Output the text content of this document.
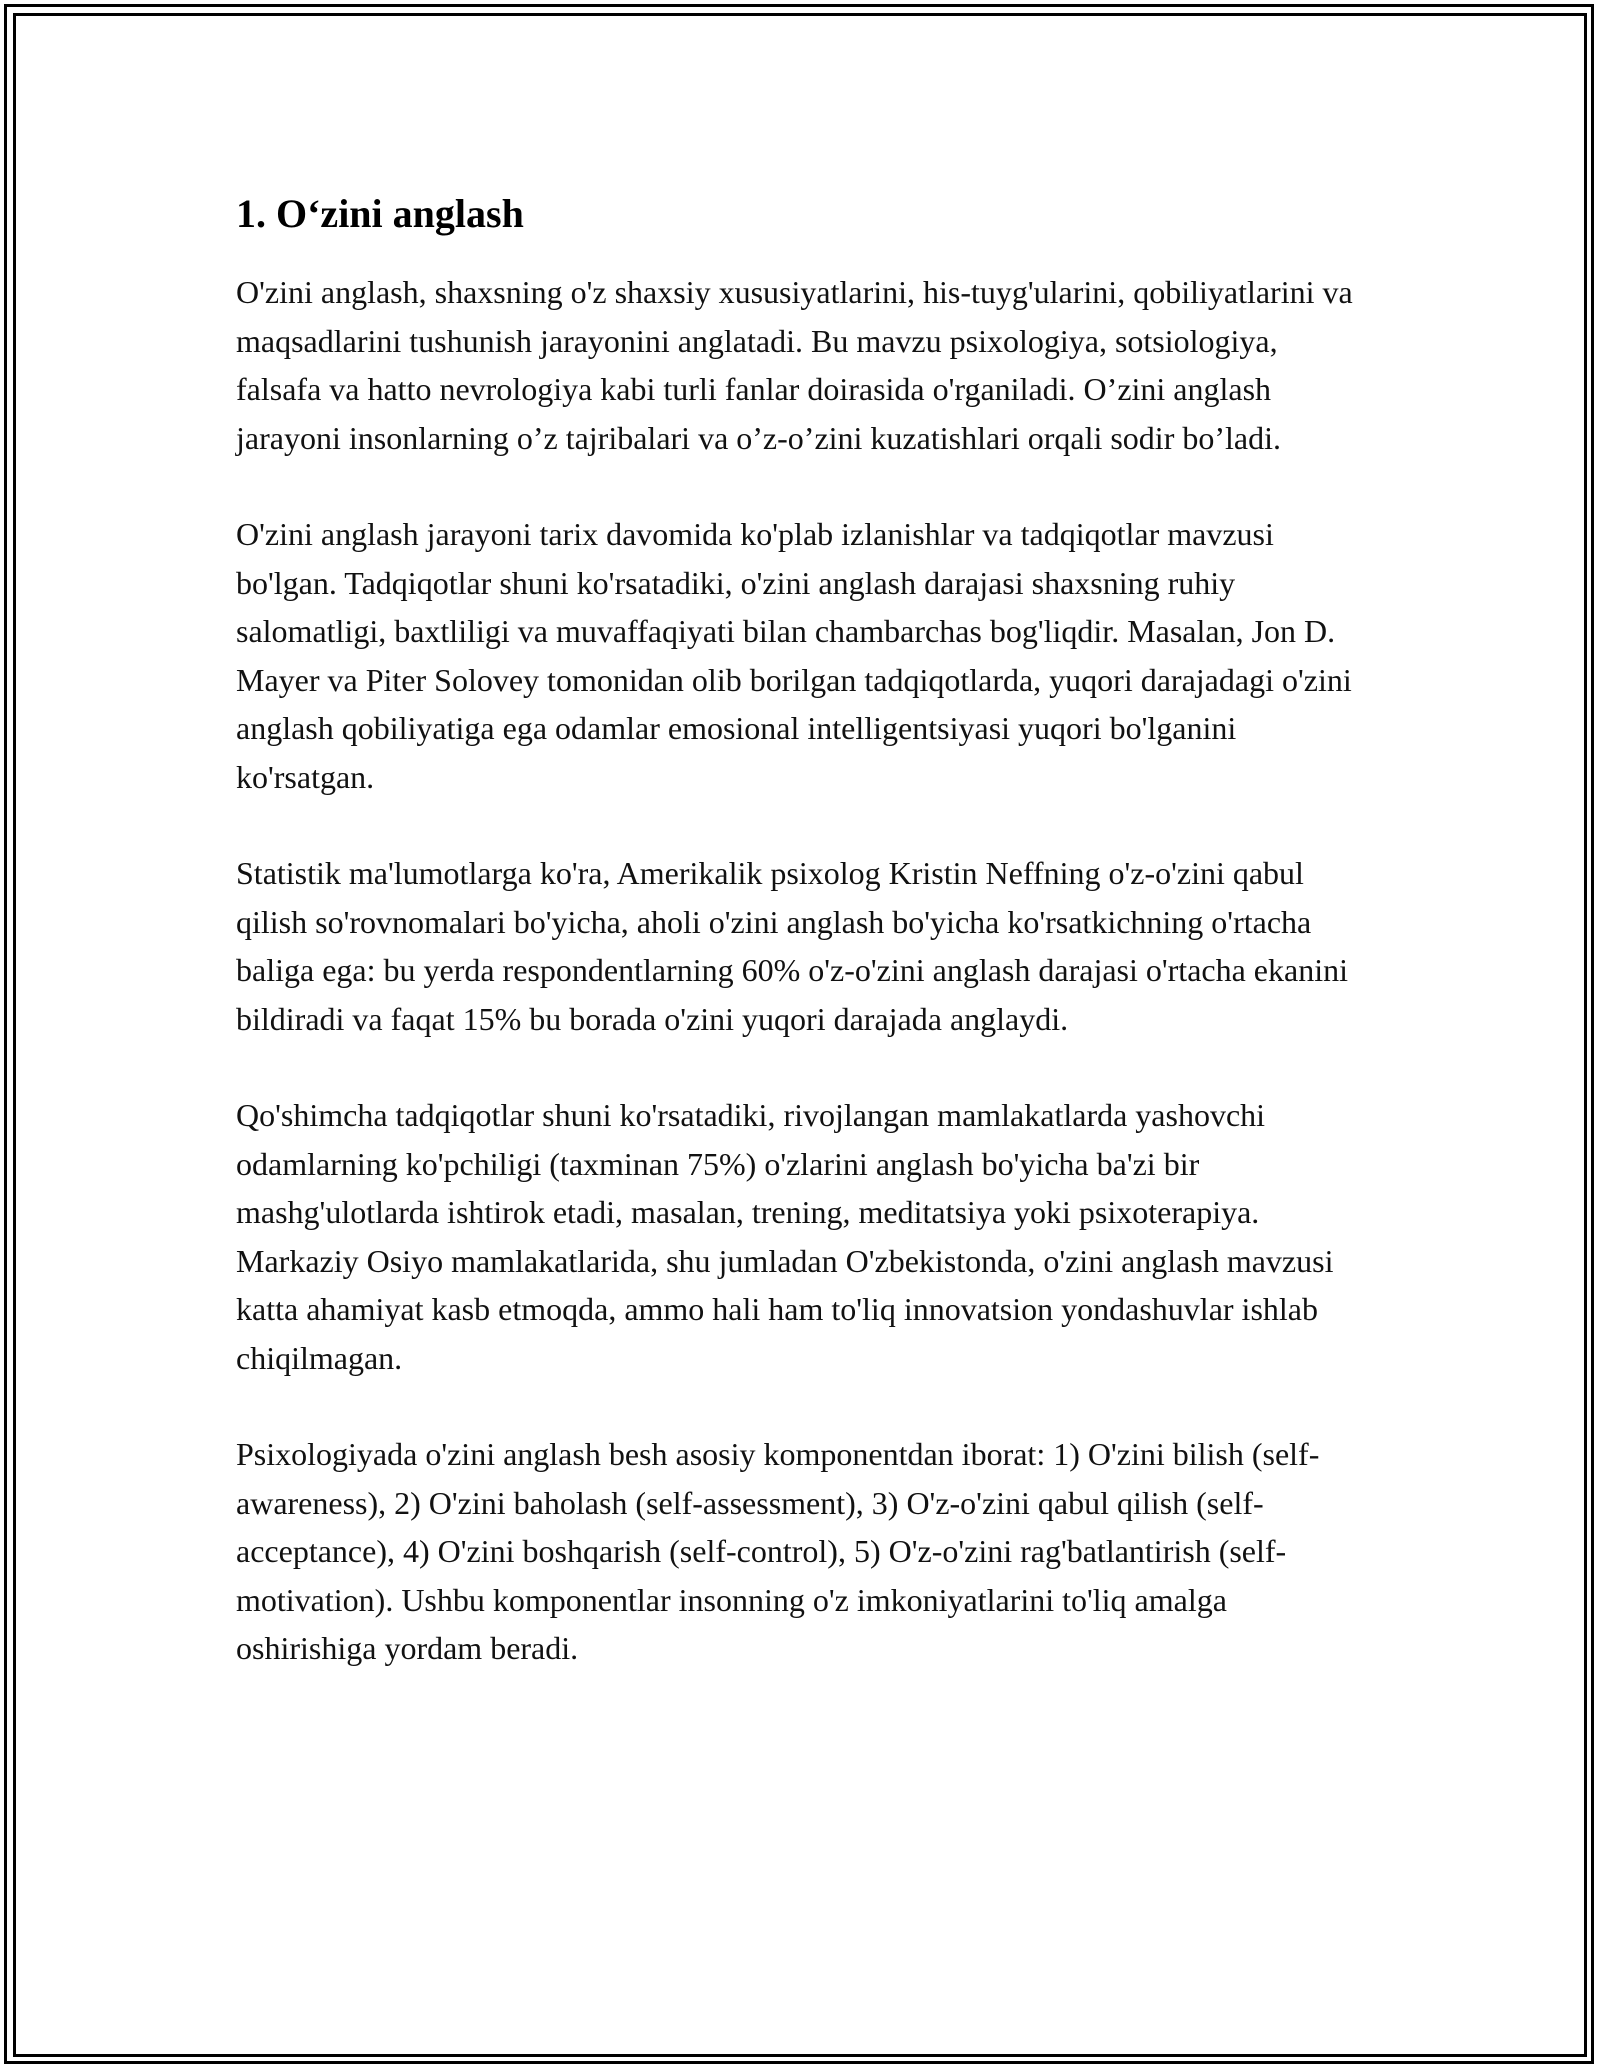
1. O‘zini anglash

O'zini anglash, shaxsning o'z shaxsiy xususiyatlarini, his-tuyg'ularini, qobiliyatlarini va maqsadlarini tushunish jarayonini anglatadi. Bu mavzu psixologiya, sotsiologiya, falsafa va hatto nevrologiya kabi turli fanlar doirasida o'rganiladi. O’zini anglash jarayoni insonlarning o’z tajribalari va o’z-o’zini kuzatishlari orqali sodir bo’ladi.

O'zini anglash jarayoni tarix davomida ko'plab izlanishlar va tadqiqotlar mavzusi bo'lgan. Tadqiqotlar shuni ko'rsatadiki, o'zini anglash darajasi shaxsning ruhiy salomatligi, baxtliligi va muvaffaqiyati bilan chambarchas bog'liqdir. Masalan, Jon D. Mayer va Piter Solovey tomonidan olib borilgan tadqiqotlarda, yuqori darajadagi o'zini anglash qobiliyatiga ega odamlar emosional intelligentsiyasi yuqori bo'lganini ko'rsatgan.

Statistik ma'lumotlarga ko'ra, Amerikalik psixolog Kristin Neffning o'z-o'zini qabul qilish so'rovnomalari bo'yicha, aholi o'zini anglash bo'yicha ko'rsatkichning o'rtacha baliga ega: bu yerda respondentlarning 60% o'z-o'zini anglash darajasi o'rtacha ekanini bildiradi va faqat 15% bu borada o'zini yuqori darajada anglaydi.

Qo'shimcha tadqiqotlar shuni ko'rsatadiki, rivojlangan mamlakatlarda yashovchi odamlarning ko'pchiligi (taxminan 75%) o'zlarini anglash bo'yicha ba'zi bir mashg'ulotlarda ishtirok etadi, masalan, trening, meditatsiya yoki psixoterapiya. Markaziy Osiyo mamlakatlarida, shu jumladan O'zbekistonda, o'zini anglash mavzusi katta ahamiyat kasb etmoqda, ammo hali ham to'liq innovatsion yondashuvlar ishlab chiqilmagan.

Psixologiyada o'zini anglash besh asosiy komponentdan iborat: 1) O'zini bilish (self-awareness), 2) O'zini baholash (self-assessment), 3) O'z-o'zini qabul qilish (self-acceptance), 4) O'zini boshqarish (self-control), 5) O'z-o'zini rag'batlantirish (self-motivation). Ushbu komponentlar insonning o'z imkoniyatlarini to'liq amalga oshirishiga yordam beradi.
